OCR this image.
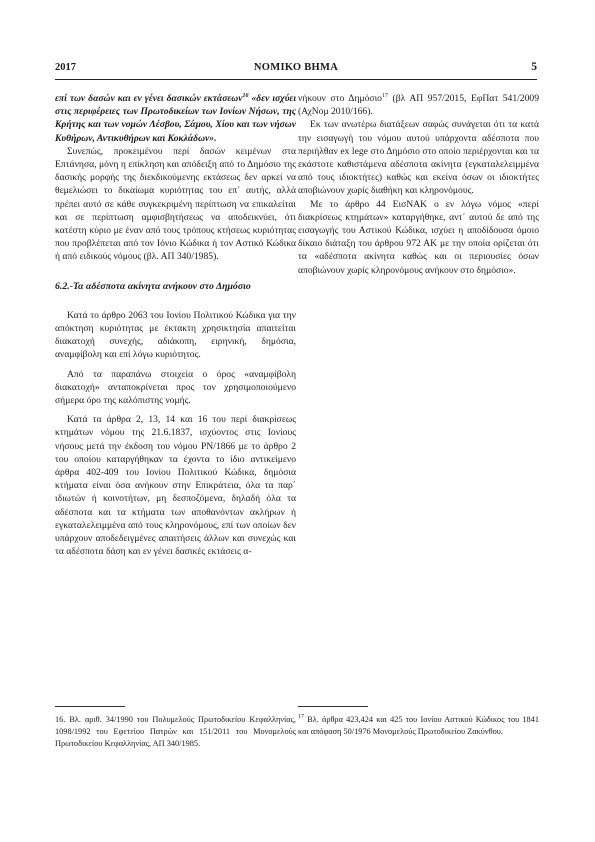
2017	ΝΟΜΙΚΟ ΒΗΜΑ	5

επί των δασών και εν γένει δασικών εκτάσεων$^{16}$ «δεν ισχύει στις περιφέρειες των Πρωτοδικείων των Ιονίων Νήσων, της Κρήτης και των νομών Λέσβου, Σάμου, Χίου και των νήσων Κυθήρων, Αντικυθήρων και Κοκλάδων».

Συνεπώς, προκειμένου περί δασών κειμένων στα Επτάνησα, μόνη η επίκληση και απόδειξη από το Δημόσιο της δασικής μορφής της διεκδικούμενης εκτάσεως δεν αρκεί να θεμελιώσει το δικαίωμα κυριότητας του επ΄ αυτής, αλλά πρέπει αυτό σε κάθε συγκεκριμένη περίπτωση να επικαλείται και σε περίπτωση αμφισβητήσεως να αποδεικνύει, ότι κατέστη κύριο με έναν από τους τρόπους κτήσεως κυριότητας που προβλέπεται από τον Ιόνιο Κώδικα ή τον Αστικό Κώδικα ή από ειδικούς νόμους (βλ. ΑΠ 340/1985).

6.2.-Τα αδέσποτα ακίνητα ανήκουν στο Δημόσιο

Κατά το άρθρο 2063 του Ιονίου Πολιτικού Κώδικα για την απόκτηση κυριότητας με έκτακτη χρησικτησία απαιτείται διακατοχή συνεχής, αδιάκοπη, ειρηνική, δημόσια, αναμφίβολη και επί λόγω κυριότητος.

Από τα παραπάνω στοιχεία ο όρος «αναμφίβολη διακατοχή» ανταποκρίνεται προς τον χρησιμοποιούμενο σήμερα όρο της καλόπιστης νομής.

Κατά τα άρθρα 2, 13, 14 και 16 του περί διακρίσεως κτημάτων νόμου της 21.6.1837, ισχύοντος στις Ιονίους νήσους μετά την έκδοση του νόμου ΡΝ/1866 με το άρθρο 2 του οποίου καταργήθηκαν τα έχοντα το ίδιο αντικείμενο άρθρα 402-409 του Ιονίου Πολιτικού Κώδικα, δημόσια κτήματα είναι όσα ανήκουν στην Επικράτεια, όλα τα παρ΄ ιδιωτών ή κοινοτήτων, μη δεσποζόμενα, δηλαδή όλα τα αδέσποτα και τα κτήματα των αποθανόντων ακλήρων ή εγκαταλελειμμένα από τους κληρονόμους, επί των οποίων δεν υπάρχουν αποδεδειγμένες απαιτήσεις άλλων και συνεχώς και τα αδέσποτα δάση και εν γένει δασικές εκτάσεις α-

νήκουν στο Δημόσιο$^{17}$ (βλ ΑΠ 957/2015, ΕφΠατ 541/2009 (ΑχΝομ 2010/166).

Εκ των ανωτέρω διατάξεων σαφώς συνάγεται ότι τα κατά την εισαγωγή του νόμου αυτού υπάρχοντα αδέσποτα που περιήλθαν ex lege στο Δημόσιο στο οποίο περιέρχονται και τα εκάστοτε καθιστάμενα αδέσποτα ακίνητα (εγκαταλελειμμένα από τους ιδιοκτήτες) καθώς και εκείνα όσων οι ιδιοκτήτες αποβιώνουν χωρίς διαθήκη και κληρονόμους.

Με το άρθρο 44 ΕισΝΑΚ ο εν λόγω νόμος «περί διακρίσεως κτημάτων» καταργήθηκε, αντ΄ αυτού δε από της εισαγωγής του Αστικού Κώδικα, ισχύει η αποδίδουσα όμοιο δίκαιο διάταξη του άρθρου 972 ΑΚ με την οποία ορίζεται ότι τα «αδέσποτα ακίνητα καθώς και οι περιουσίες όσων αποβιώνουν χωρίς κληρονόμους ανήκουν στο δημόσιο».

16. Βλ. αριθ. 34/1990 του Πολυμελούς Πρωτοδικείου Κεφαλληνίας, 1098/1992 του Εφετείου Πατρών και 151/2011 του Μονομελούς Πρωτοδικείου Κεφαλληνίας, ΑΠ 340/1985.
$^{17}$ Βλ. άρθρα 423,424 και 425 του Ιονίου Αστικού Κώδικος του 1841 και απόφαση 50/1976 Μονομελούς Πρωτοδικείου Ζακύνθου.
